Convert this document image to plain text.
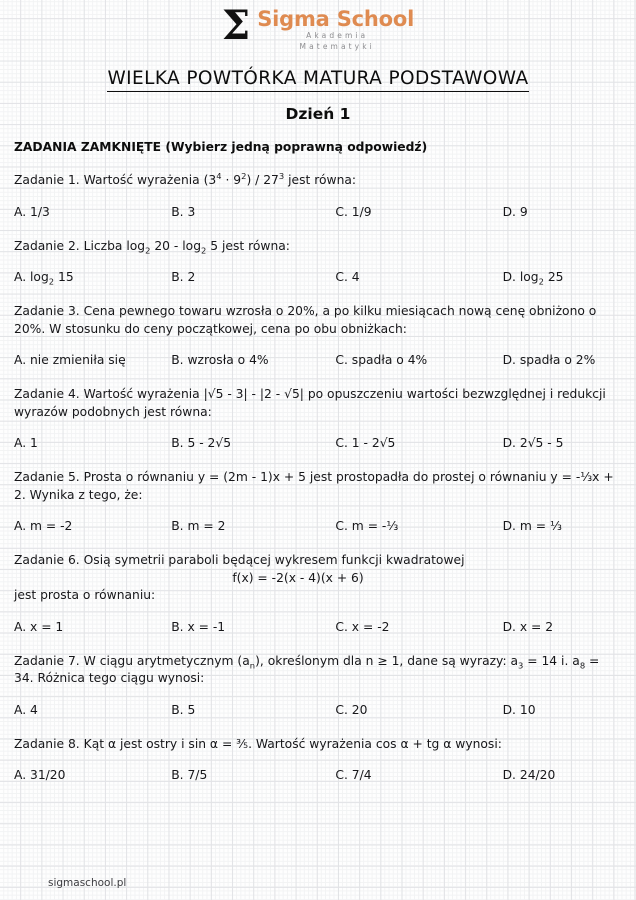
Σ Sigma School
Akademia
Matematyki
WIELKA POWTÓRKA MATURA PODSTAWOWA
Dzień 1
ZADANIA ZAMKNIĘTE (Wybierz jedną poprawną odpowiedź)
Zadanie 1. Wartość wyrażenia $(3^4 \cdot 9^2) / 27^3$ jest równa:
A. 1/3	B. 3	C. 1/9	D. 9
Zadanie 2. Liczba $\log_2 20 - \log_2 5$ jest równa:
A. $\log_2 15$	B. 2	C. 4	D. $\log_2 25$
Zadanie 3. Cena pewnego towaru wzrosła o 20%, a po kilku miesiącach nową cenę obniżono o 20%. W stosunku do ceny początkowej, cena po obu obniżkach:
A. nie zmieniła się	B. wzrosła o 4%	C. spadła o 4%	D. spadła o 2%
Zadanie 4. Wartość wyrażenia |√5 - 3| - |2 - √5| po opuszczeniu wartości bezwzględnej i redukcji wyrazów podobnych jest równa:
A. 1	B. 5 - 2√5	C. 1 - 2√5	D. 2√5 - 5
Zadanie 5. Prosta o równaniu y = (2m - 1)x + 5 jest prostopadła do prostej o równaniu y = -⅓x + 2. Wynika z tego, że:
A. m = -2	B. m = 2	C. m = -⅓	D. m = ⅓
Zadanie 6. Osią symetrii paraboli będącej wykresem funkcji kwadratowej
f(x) = -2(x - 4)(x + 6)
jest prosta o równaniu:
A. x = 1	B. x = -1	C. x = -2	D. x = 2
Zadanie 7. W ciągu arytmetycznym $(a_n)$, określonym dla n ≥ 1, dane są wyrazy: $a_3 = 14$ i. $a_8 = 34$. Różnica tego ciągu wynosi:
A. 4	B. 5	C. 20	D. 10
Zadanie 8. Kąt α jest ostry i sin α = ⅗. Wartość wyrażenia cos α + tg α wynosi:
A. 31/20	B. 7/5	C. 7/4	D. 24/20
sigmaschool.pl
